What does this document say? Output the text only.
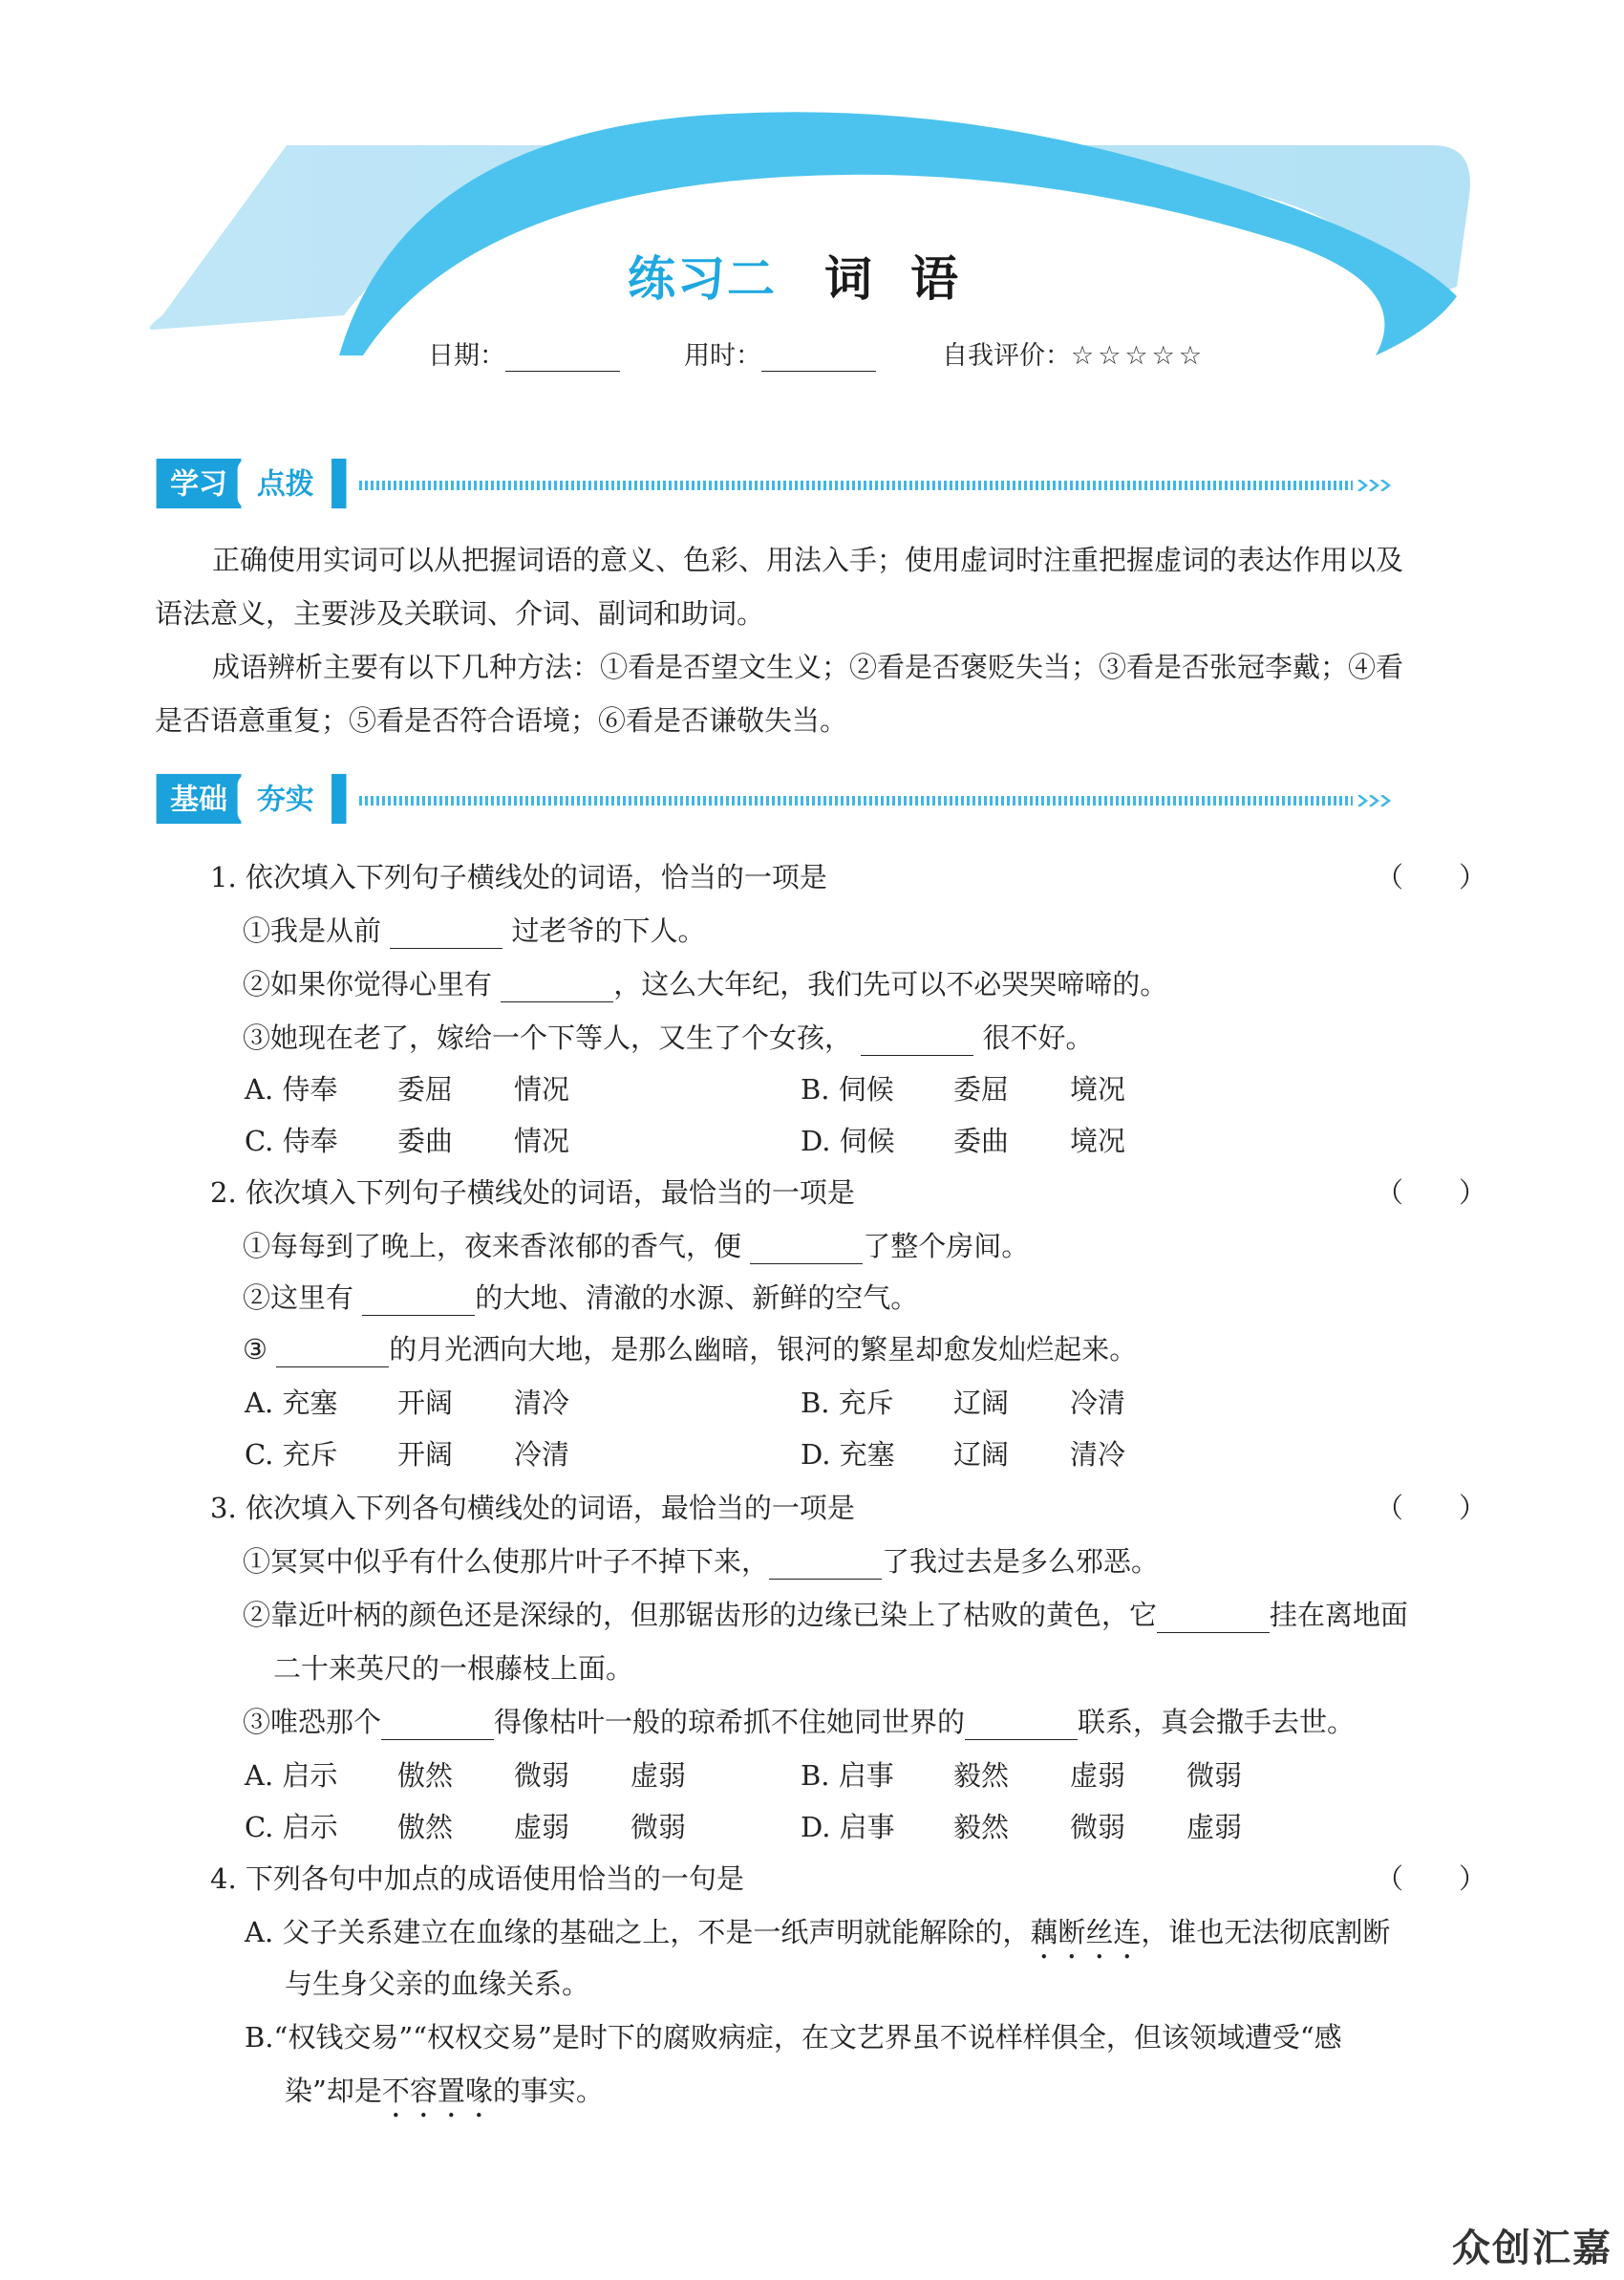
练习二 词语
日期：	用时：	自我评价：☆☆☆☆☆
学习 点拨
正确使用实词可以从把握词语的意义、色彩、用法入手；使用虚词时注重把握虚词的表达作用以及
语法意义，主要涉及关联词、介词、副词和助词。
成语辨析主要有以下几种方法：①看是否望文生义；②看是否褒贬失当；③看是否张冠李戴；④看
是否语意重复；⑤看是否符合语境；⑥看是否谦敬失当。
基础 夯实
1. 依次填入下列句子横线处的词语，恰当的一项是	（　　）
①我是从前	过老爷的下人。
②如果你觉得心里有	，这么大年纪，我们先可以不必哭哭啼啼的。
③她现在老了，嫁给一个下等人，又生了个女孩，	很不好。
A. 侍奉 委屈 情况	B. 伺候 委屈 境况
C. 侍奉 委曲 情况	D. 伺候 委曲 境况
2. 依次填入下列句子横线处的词语，最恰当的一项是	（　　）
①每每到了晚上，夜来香浓郁的香气，便	了整个房间。
②这里有	的大地、清澈的水源、新鲜的空气。
③	的月光洒向大地，是那么幽暗，银河的繁星却愈发灿烂起来。
A. 充塞 开阔 清冷	B. 充斥 辽阔 冷清
C. 充斥 开阔 冷清	D. 充塞 辽阔 清冷
3. 依次填入下列各句横线处的词语，最恰当的一项是	（　　）
①冥冥中似乎有什么使那片叶子不掉下来，	了我过去是多么邪恶。
②靠近叶柄的颜色还是深绿的，但那锯齿形的边缘已染上了枯败的黄色，它	挂在离地面
二十来英尺的一根藤枝上面。
③唯恐那个	得像枯叶一般的琼希抓不住她同世界的	联系，真会撒手去世。
A. 启示 傲然 微弱 虚弱	B. 启事 毅然 虚弱 微弱
C. 启示 傲然 虚弱 微弱	D. 启事 毅然 微弱 虚弱
4. 下列各句中加点的成语使用恰当的一句是	（　　）
A. 父子关系建立在血缘的基础之上，不是一纸声明就能解除的，藕断丝连，谁也无法彻底割断
与生身父亲的血缘关系。
B.“权钱交易”“权权交易”是时下的腐败病症，在文艺界虽不说样样俱全，但该领域遭受“感
染”却是不容置喙的事实。
众创汇嘉
